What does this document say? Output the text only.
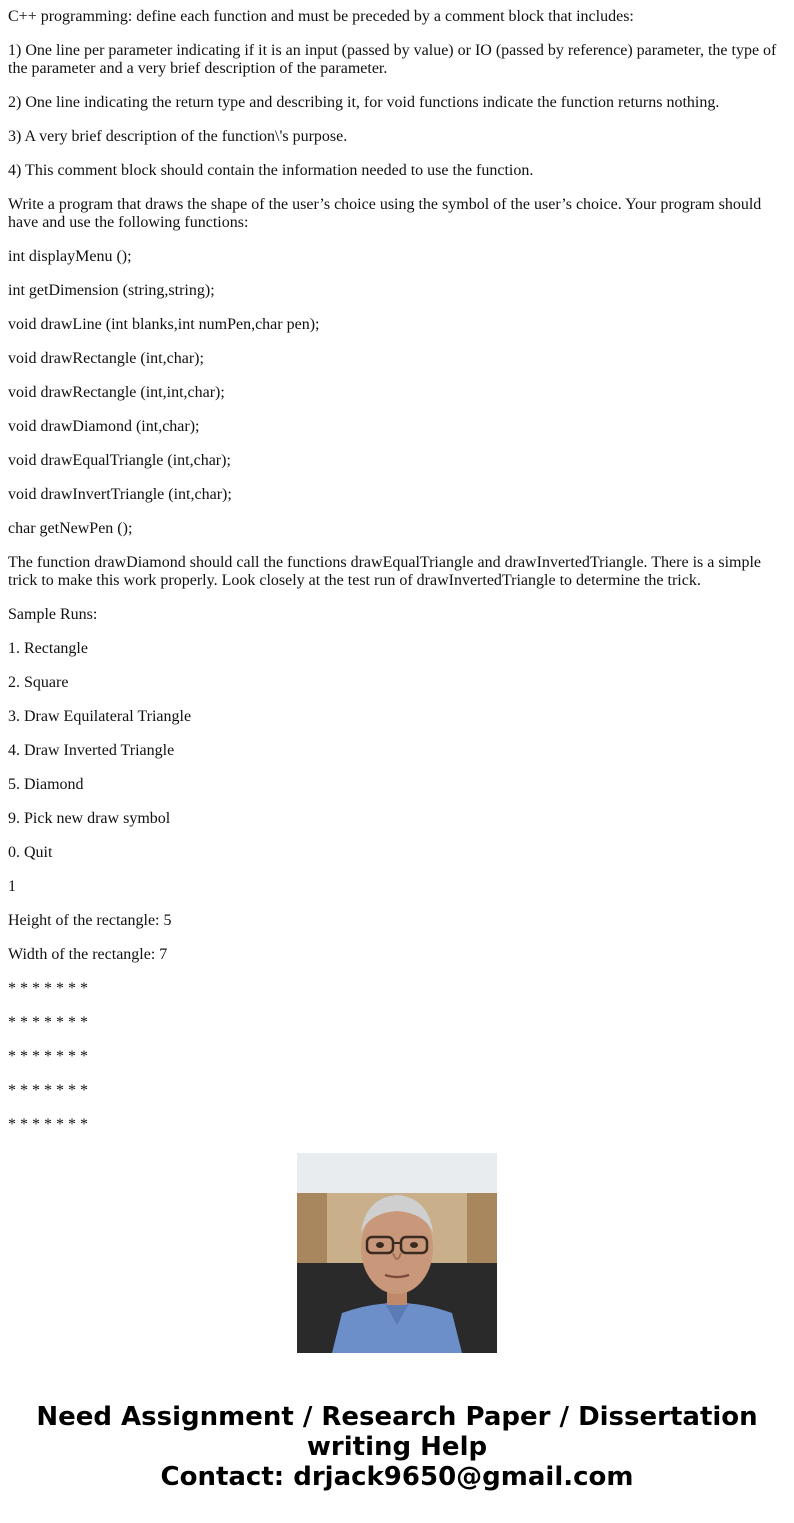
C++ programming: define each function and must be preceded by a comment block that includes:

1) One line per parameter indicating if it is an input (passed by value) or IO (passed by reference) parameter, the type of the parameter and a very brief description of the parameter.

2) One line indicating the return type and describing it, for void functions indicate the function returns nothing.

3) A very brief description of the function\'s purpose.

4) This comment block should contain the information needed to use the function.

Write a program that draws the shape of the user’s choice using the symbol of the user’s choice. Your program should have and use the following functions:

int displayMenu ();

int getDimension (string,string);

void drawLine (int blanks,int numPen,char pen);

void drawRectangle (int,char);

void drawRectangle (int,int,char);

void drawDiamond (int,char);

void drawEqualTriangle (int,char);

void drawInvertTriangle (int,char);

char getNewPen ();

The function drawDiamond should call the functions drawEqualTriangle and drawInvertedTriangle. There is a simple trick to make this work properly. Look closely at the test run of drawInvertedTriangle to determine the trick.

Sample Runs:

1. Rectangle

2. Square

3. Draw Equilateral Triangle

4. Draw Inverted Triangle

5. Diamond

9. Pick new draw symbol

0. Quit

1

Height of the rectangle: 5

Width of the rectangle: 7

* * * * * * *

* * * * * * *

* * * * * * *

* * * * * * *

* * * * * * *

Need Assignment / Research Paper / Dissertation
writing Help
Contact: drjack9650@gmail.com
